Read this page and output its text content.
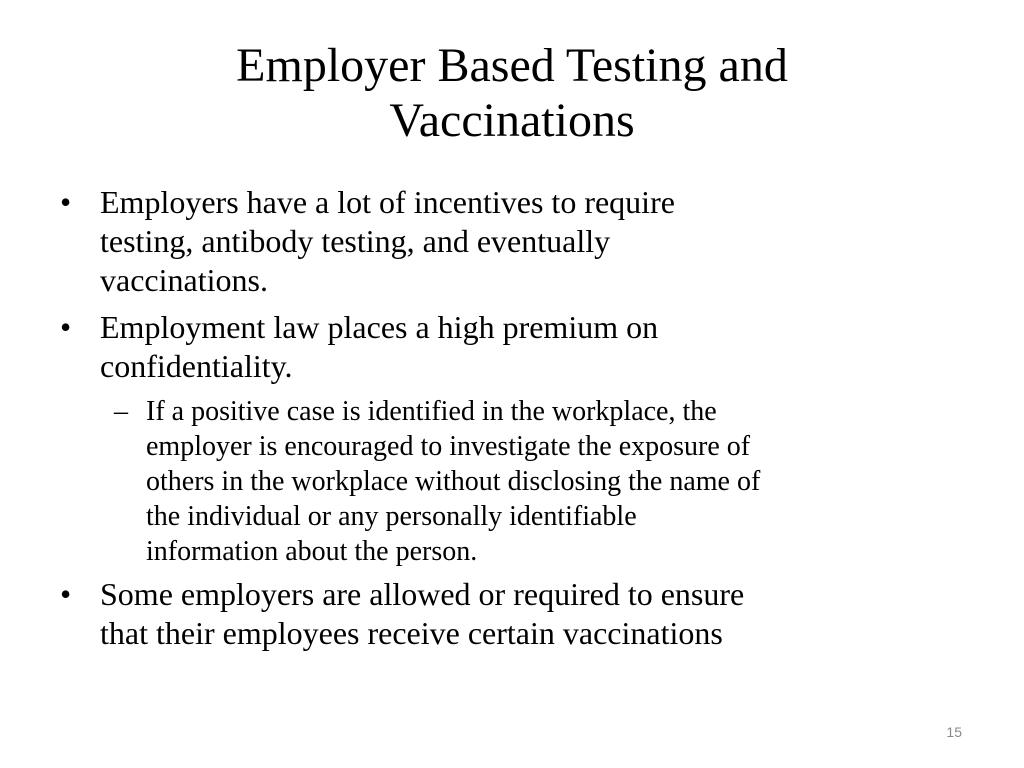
Employer Based Testing and
Vaccinations
• Employers have a lot of incentives to require
testing, antibody testing, and eventually
vaccinations.
• Employment law places a high premium on
confidentiality.
– If a positive case is identified in the workplace, the
employer is encouraged to investigate the exposure of
others in the workplace without disclosing the name of
the individual or any personally identifiable
information about the person.
• Some employers are allowed or required to ensure
that their employees receive certain vaccinations
15
